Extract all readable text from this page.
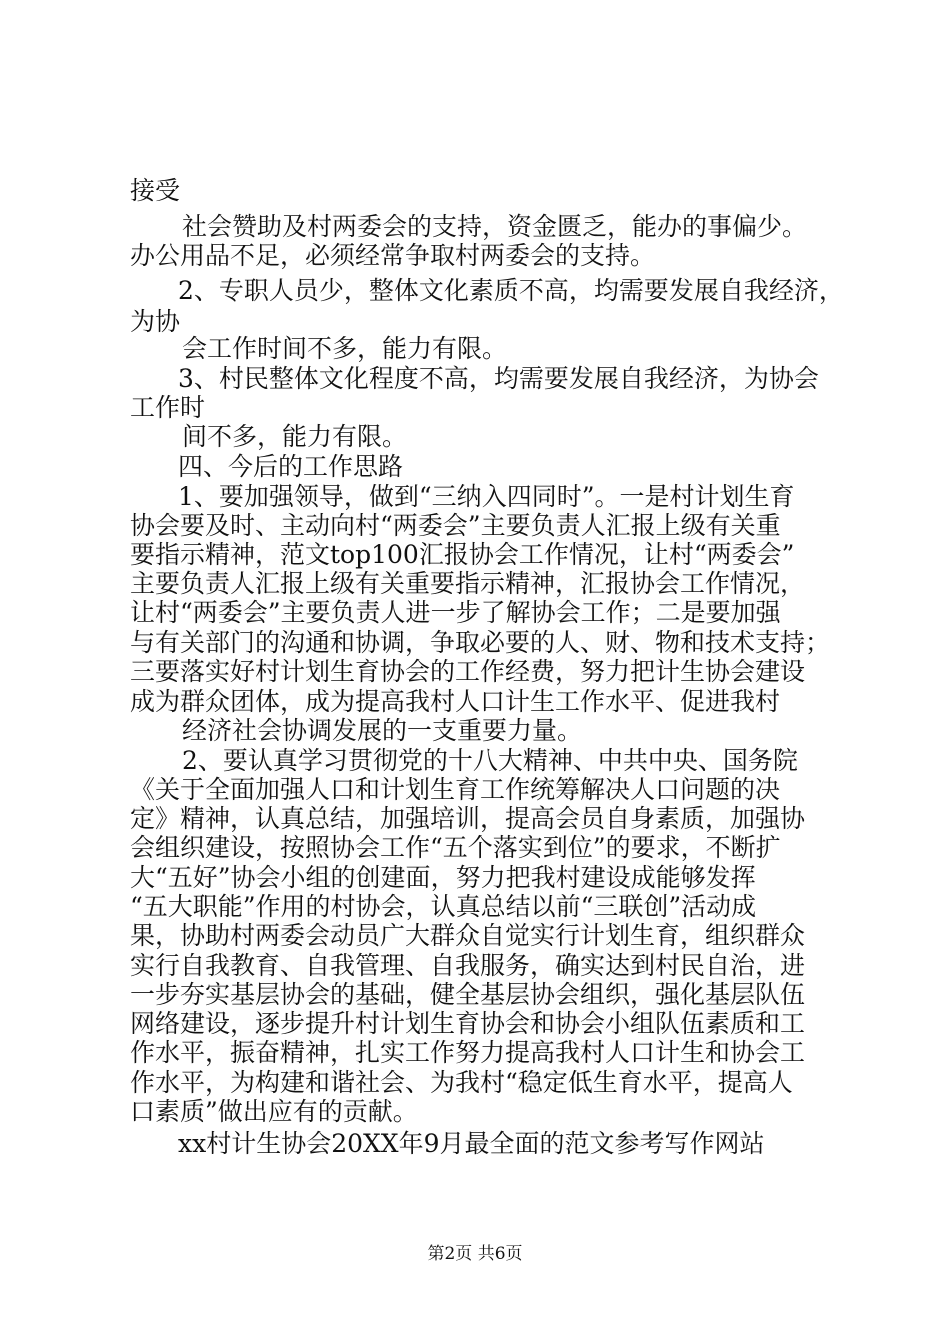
接受
社会赞助及村两委会的支持，资金匮乏，能办的事偏少。
办公用品不足，必须经常争取村两委会的支持。
2、专职人员少，整体文化素质不高，均需要发展自我经济，
为协
会工作时间不多，能力有限。
3、村民整体文化程度不高，均需要发展自我经济，为协会
工作时
间不多，能力有限。
四、今后的工作思路
1、要加强领导，做到“三纳入四同时”。一是村计划生育
协会要及时、主动向村“两委会”主要负责人汇报上级有关重
要指示精神，范文top100汇报协会工作情况，让村“两委会”
主要负责人汇报上级有关重要指示精神，汇报协会工作情况，
让村“两委会”主要负责人进一步了解协会工作；二是要加强
与有关部门的沟通和协调，争取必要的人、财、物和技术支持；
三要落实好村计划生育协会的工作经费，努力把计生协会建设
成为群众团体，成为提高我村人口计生工作水平、促进我村
经济社会协调发展的一支重要力量。
2、要认真学习贯彻党的十八大精神、中共中央、国务院
《关于全面加强人口和计划生育工作统筹解决人口问题的决
定》精神，认真总结，加强培训，提高会员自身素质，加强协
会组织建设，按照协会工作“五个落实到位”的要求，不断扩
大“五好”协会小组的创建面，努力把我村建设成能够发挥
“五大职能”作用的村协会，认真总结以前“三联创”活动成
果，协助村两委会动员广大群众自觉实行计划生育，组织群众
实行自我教育、自我管理、自我服务，确实达到村民自治，进
一步夯实基层协会的基础，健全基层协会组织，强化基层队伍
网络建设，逐步提升村计划生育协会和协会小组队伍素质和工
作水平，振奋精神，扎实工作努力提高我村人口计生和协会工
作水平，为构建和谐社会、为我村“稳定低生育水平，提高人
口素质”做出应有的贡献。
xx村计生协会20XX年9月最全面的范文参考写作网站
第2页 共6页
